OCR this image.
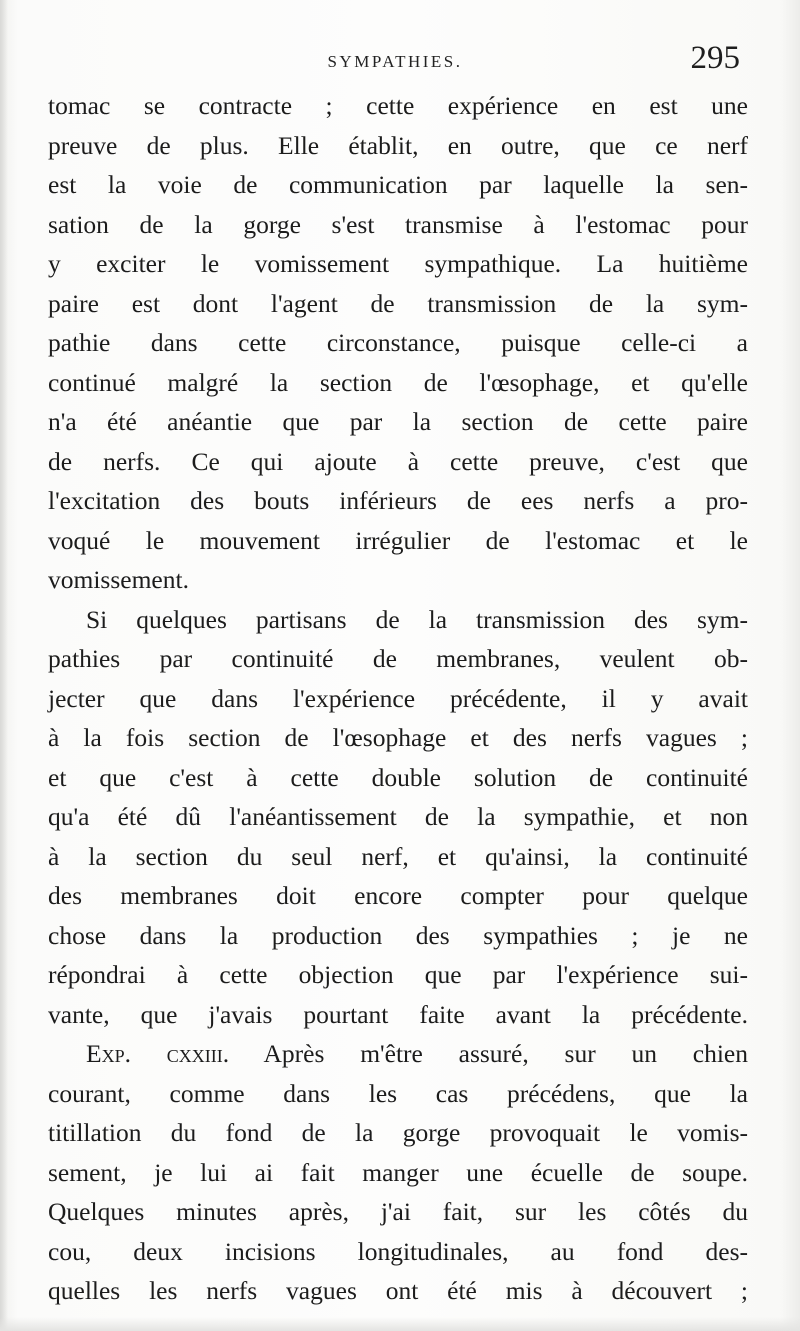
SYMPATHIES.	295
tomac se contracte ; cette expérience en est une
preuve de plus. Elle établit, en outre, que ce nerf
est la voie de communication par laquelle la sen-
sation de la gorge s'est transmise à l'estomac pour
y exciter le vomissement sympathique. La huitième
paire est dont l'agent de transmission de la sym-
pathie dans cette circonstance, puisque celle-ci a
continué malgré la section de l'œsophage, et qu'elle
n'a été anéantie que par la section de cette paire
de nerfs. Ce qui ajoute à cette preuve, c'est que
l'excitation des bouts inférieurs de ees nerfs a pro-
voqué le mouvement irrégulier de l'estomac et le
vomissement.
Si quelques partisans de la transmission des sym-
pathies par continuité de membranes, veulent ob-
jecter que dans l'expérience précédente, il y avait
à la fois section de l'œsophage et des nerfs vagues ;
et que c'est à cette double solution de continuité
qu'a été dû l'anéantissement de la sympathie, et non
à la section du seul nerf, et qu'ainsi, la continuité
des membranes doit encore compter pour quelque
chose dans la production des sympathies ; je ne
répondrai à cette objection que par l'expérience sui-
vante, que j'avais pourtant faite avant la précédente.
Exp. cxxiii. Après m'être assuré, sur un chien
courant, comme dans les cas précédens, que la
titillation du fond de la gorge provoquait le vomis-
sement, je lui ai fait manger une écuelle de soupe.
Quelques minutes après, j'ai fait, sur les côtés du
cou, deux incisions longitudinales, au fond des-
quelles les nerfs vagues ont été mis à découvert ;
